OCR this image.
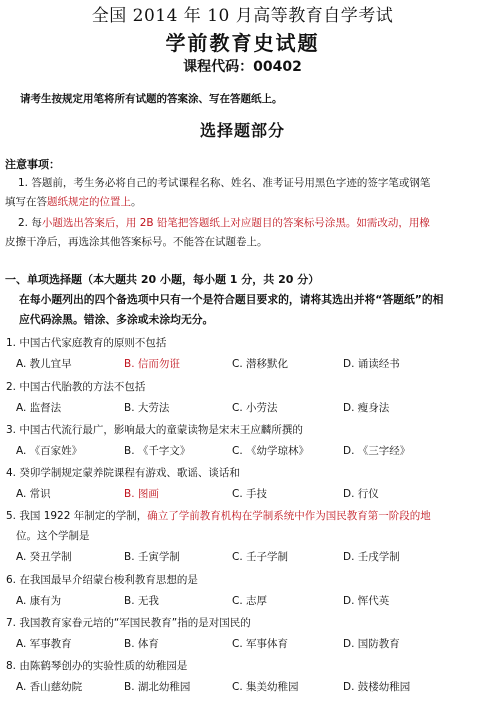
全国 2014 年 10 月高等教育自学考试
学前教育史试题
课程代码：00402
请考生按规定用笔将所有试题的答案涂、写在答题纸上。
选择题部分
注意事项：
1. 答题前，考生务必将自己的考试课程名称、姓名、准考证号用黑色字迹的签字笔或钢笔
填写在答题纸规定的位置上。
2. 每小题选出答案后，用 2B 铅笔把答题纸上对应题目的答案标号涂黑。如需改动，用橡
皮擦干净后，再选涂其他答案标号。不能答在试题卷上。
一、单项选择题（本大题共 20 小题，每小题 1 分，共 20 分）
在每小题列出的四个备选项中只有一个是符合题目要求的，请将其选出并将“答题纸”的相
应代码涂黑。错涂、多涂或未涂均无分。
1. 中国古代家庭教育的原则不包括
A. 教儿宜早	B. 信而勿诳	C. 潜移默化	D. 诵读经书
2. 中国古代胎教的方法不包括
A. 监督法	B. 大劳法	C. 小劳法	D. 瘦身法
3. 中国古代流行最广，影响最大的童蒙读物是宋末王应麟所撰的
A. 《百家姓》	B. 《千字文》	C. 《幼学琼林》	D. 《三字经》
4. 癸卯学制规定蒙养院课程有游戏、歌谣、谈话和
A. 常识	B. 图画	C. 手技	D. 行仪
5. 我国 1922 年制定的学制，确立了学前教育机构在学制系统中作为国民教育第一阶段的地
位。这个学制是
A. 癸丑学制	B. 壬寅学制	C. 壬子学制	D. 壬戌学制
6. 在我国最早介绍蒙台梭利教育思想的是
A. 康有为	B. 无我	C. 志厚	D. 恽代英
7. 我国教育家眷元培的“军国民教育”指的是对国民的
A. 军事教育	B. 体育	C. 军事体育	D. 国防教育
8. 由陈鹤琴创办的实验性质的幼稚园是
A. 香山慈幼院	B. 湖北幼稚园	C. 集美幼稚园	D. 鼓楼幼稚园
